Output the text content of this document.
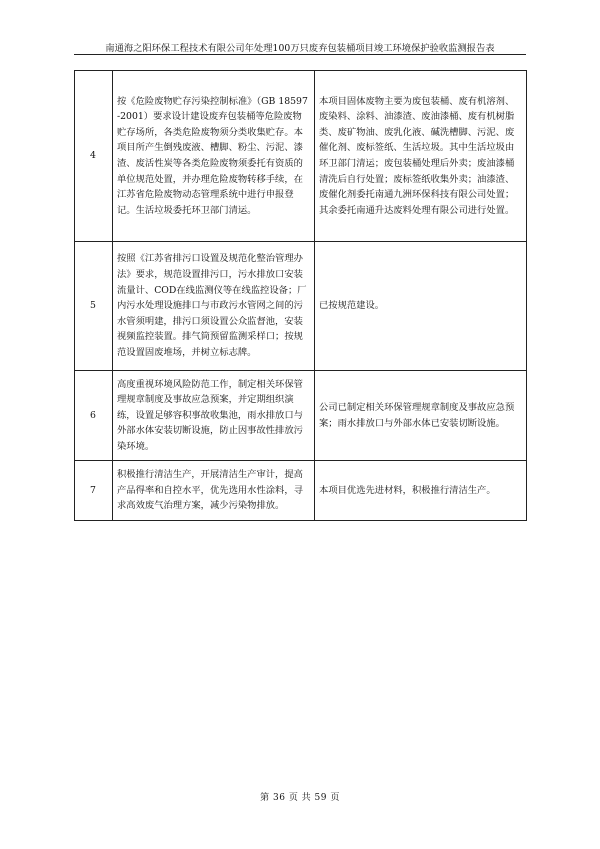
南通海之阳环保工程技术有限公司年处理100万只废弃包装桶项目竣工环境保护验收监测报告表
4	按《危险废物贮存污染控制标准》（GB 18597-2001）要求设计建设废弃包装桶等危险废物贮存场所，各类危险废物须分类收集贮存。本项目所产生倒残废液、槽脚、粉尘、污泥、漆渣、废活性炭等各类危险废物须委托有资质的单位规范处置，并办理危险废物转移手续，在江苏省危险废物动态管理系统中进行申报登记。生活垃圾委托环卫部门清运。	本项目固体废物主要为废包装桶、废有机溶剂、废染料、涂料、油漆渣、废油漆桶、废有机树脂类、废矿物油、废乳化液、碱洗槽脚、污泥、废催化剂、废标签纸、生活垃圾。其中生活垃圾由环卫部门清运；废包装桶处理后外卖；废油漆桶清洗后自行处置；废标签纸收集外卖；油漆渣、废催化剂委托南通九洲环保科技有限公司处置；其余委托南通升达废料处理有限公司进行处置。
5	按照《江苏省排污口设置及规范化整治管理办法》要求，规范设置排污口，污水排放口安装流量计、COD在线监测仪等在线监控设备；厂内污水处理设施排口与市政污水管网之间的污水管须明建，排污口须设置公众监督池，安装视频监控装置。排气筒预留监测采样口；按规范设置固废堆场，并树立标志牌。	已按规范建设。
6	高度重视环境风险防范工作，制定相关环保管理规章制度及事故应急预案，并定期组织演练，设置足够容积事故收集池，雨水排放口与外部水体安装切断设施，防止因事故性排放污染环境。	公司已制定相关环保管理规章制度及事故应急预案；雨水排放口与外部水体已安装切断设施。
7	积极推行清洁生产，开展清洁生产审计，提高产品得率和自控水平，优先选用水性涂料，寻求高效废气治理方案，减少污染物排放。	本项目优选先进材料，积极推行清洁生产。
第 36 页 共 59 页
